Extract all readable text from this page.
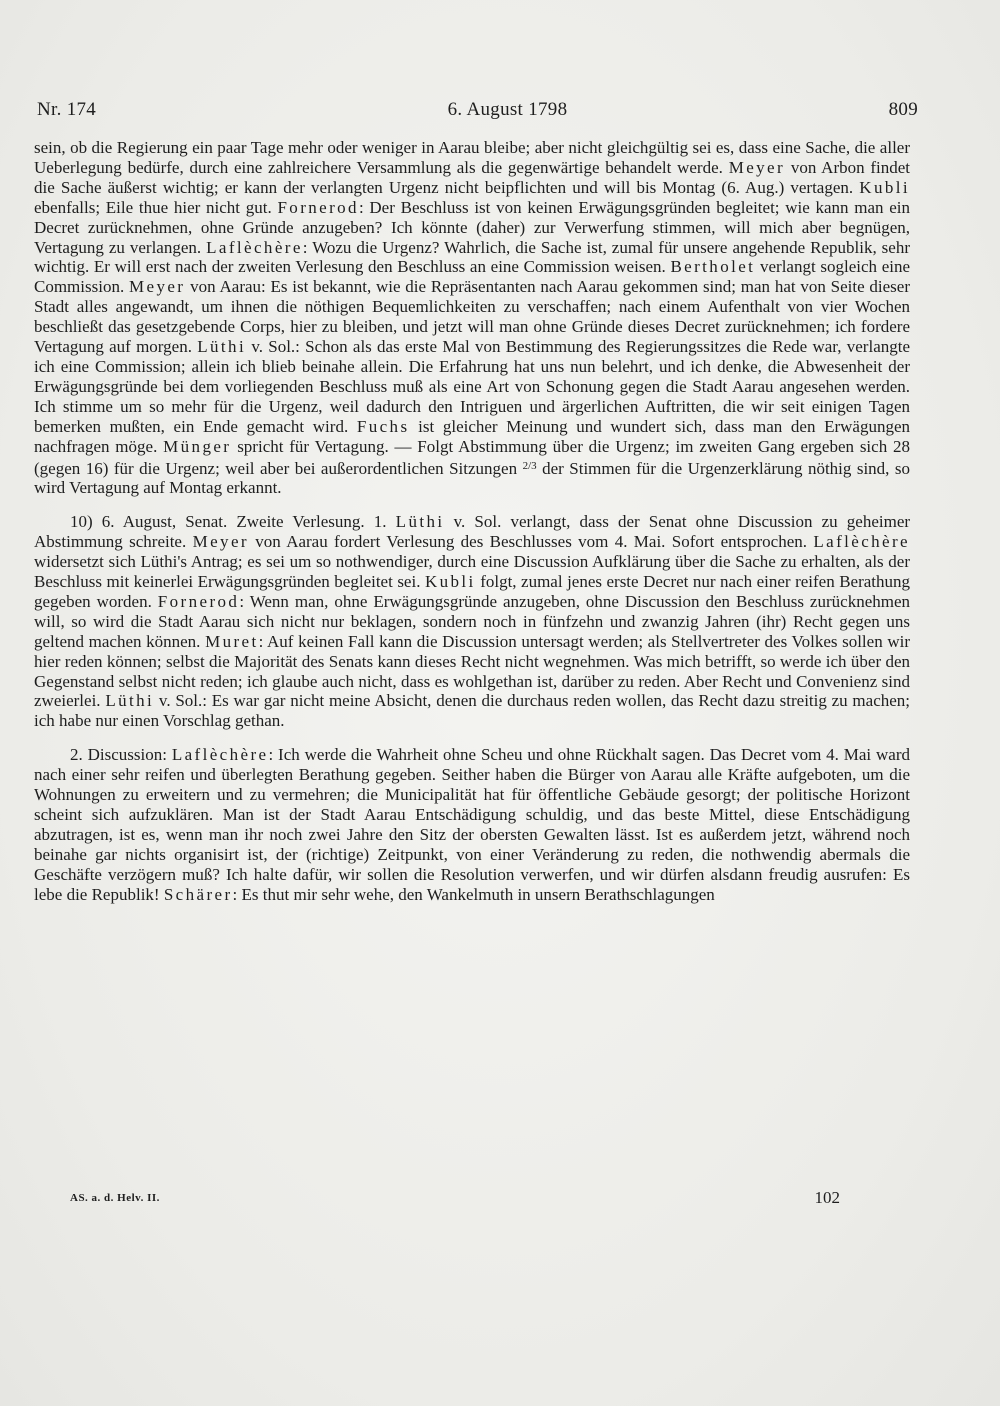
Nr. 174	6. August 1798	809

sein, ob die Regierung ein paar Tage mehr oder weniger in Aarau bleibe; aber nicht gleichgültig sei es, dass eine Sache, die aller Ueberlegung bedürfe, durch eine zahlreichere Versammlung als die gegenwärtige behandelt werde. Meyer von Arbon findet die Sache äußerst wichtig; er kann der verlangten Urgenz nicht beipflichten und will bis Montag (6. Aug.) vertagen. Kubli ebenfalls; Eile thue hier nicht gut. Fornerod: Der Beschluss ist von keinen Erwägungsgründen begleitet; wie kann man ein Decret zurücknehmen, ohne Gründe anzugeben? Ich könnte (daher) zur Verwerfung stimmen, will mich aber begnügen, Vertagung zu verlangen. Laflèchère: Wozu die Urgenz? Wahrlich, die Sache ist, zumal für unsere angehende Republik, sehr wichtig. Er will erst nach der zweiten Verlesung den Beschluss an eine Commission weisen. Bertholet verlangt sogleich eine Commission. Meyer von Aarau: Es ist bekannt, wie die Repräsentanten nach Aarau gekommen sind; man hat von Seite dieser Stadt alles angewandt, um ihnen die nöthigen Bequemlichkeiten zu verschaffen; nach einem Aufenthalt von vier Wochen beschließt das gesetzgebende Corps, hier zu bleiben, und jetzt will man ohne Gründe dieses Decret zurücknehmen; ich fordere Vertagung auf morgen. Lüthi v. Sol.: Schon als das erste Mal von Bestimmung des Regierungssitzes die Rede war, verlangte ich eine Commission; allein ich blieb beinahe allein. Die Erfahrung hat uns nun belehrt, und ich denke, die Abwesenheit der Erwägungsgründe bei dem vorliegenden Beschluss muß als eine Art von Schonung gegen die Stadt Aarau angesehen werden. Ich stimme um so mehr für die Urgenz, weil dadurch den Intriguen und ärgerlichen Auftritten, die wir seit einigen Tagen bemerken mußten, ein Ende gemacht wird. Fuchs ist gleicher Meinung und wundert sich, dass man den Erwägungen nachfragen möge. Münger spricht für Vertagung. — Folgt Abstimmung über die Urgenz; im zweiten Gang ergeben sich 28 (gegen 16) für die Urgenz; weil aber bei außerordentlichen Sitzungen $^{2/3}$ der Stimmen für die Urgenzerklärung nöthig sind, so wird Vertagung auf Montag erkannt.

10) 6. August, Senat. Zweite Verlesung. 1. Lüthi v. Sol. verlangt, dass der Senat ohne Discussion zu geheimer Abstimmung schreite. Meyer von Aarau fordert Verlesung des Beschlusses vom 4. Mai. Sofort entsprochen. Laflèchère widersetzt sich Lüthi's Antrag; es sei um so nothwendiger, durch eine Discussion Aufklärung über die Sache zu erhalten, als der Beschluss mit keinerlei Erwägungsgründen begleitet sei. Kubli folgt, zumal jenes erste Decret nur nach einer reifen Berathung gegeben worden. Fornerod: Wenn man, ohne Erwägungsgründe anzugeben, ohne Discussion den Beschluss zurücknehmen will, so wird die Stadt Aarau sich nicht nur beklagen, sondern noch in fünfzehn und zwanzig Jahren (ihr) Recht gegen uns geltend machen können. Muret: Auf keinen Fall kann die Discussion untersagt werden; als Stellvertreter des Volkes sollen wir hier reden können; selbst die Majorität des Senats kann dieses Recht nicht wegnehmen. Was mich betrifft, so werde ich über den Gegenstand selbst nicht reden; ich glaube auch nicht, dass es wohlgethan ist, darüber zu reden. Aber Recht und Convenienz sind zweierlei. Lüthi v. Sol.: Es war gar nicht meine Absicht, denen die durchaus reden wollen, das Recht dazu streitig zu machen; ich habe nur einen Vorschlag gethan.

2. Discussion: Laflèchère: Ich werde die Wahrheit ohne Scheu und ohne Rückhalt sagen. Das Decret vom 4. Mai ward nach einer sehr reifen und überlegten Berathung gegeben. Seither haben die Bürger von Aarau alle Kräfte aufgeboten, um die Wohnungen zu erweitern und zu vermehren; die Municipalität hat für öffentliche Gebäude gesorgt; der politische Horizont scheint sich aufzuklären. Man ist der Stadt Aarau Entschädigung schuldig, und das beste Mittel, diese Entschädigung abzutragen, ist es, wenn man ihr noch zwei Jahre den Sitz der obersten Gewalten lässt. Ist es außerdem jetzt, während noch beinahe gar nichts organisirt ist, der (richtige) Zeitpunkt, von einer Veränderung zu reden, die nothwendig abermals die Geschäfte verzögern muß? Ich halte dafür, wir sollen die Resolution verwerfen, und wir dürfen alsdann freudig ausrufen: Es lebe die Republik! Schärer: Es thut mir sehr wehe, den Wankelmuth in unsern Berathschlagungen

AS. a. d. Helv. II.	102
